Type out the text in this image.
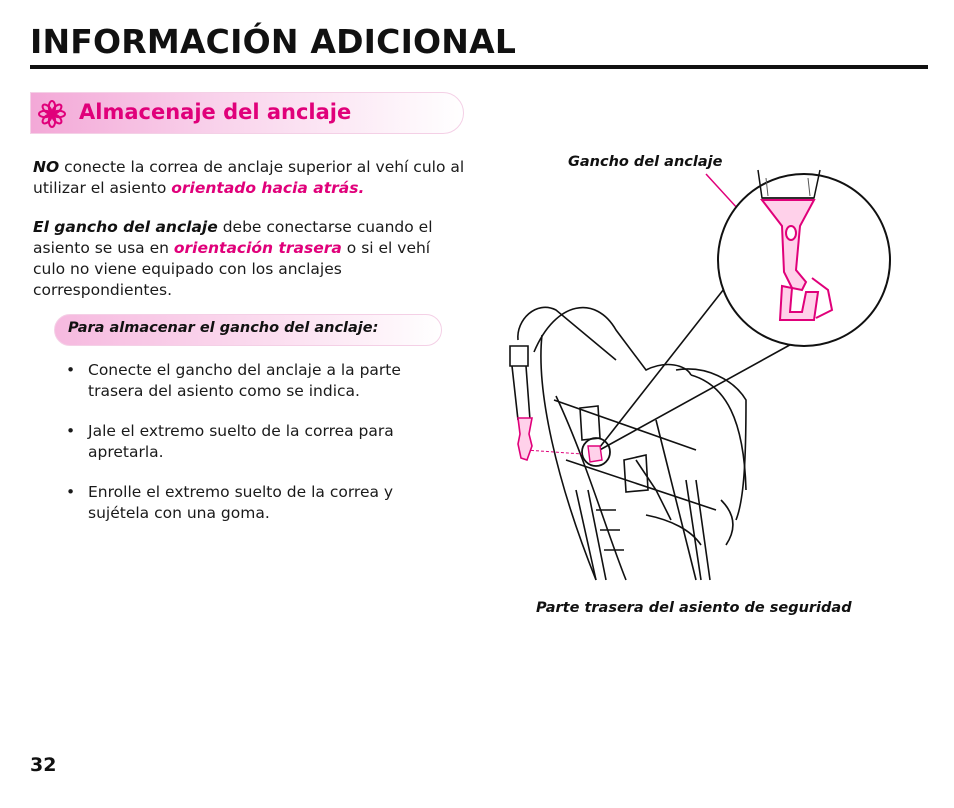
INFORMACIÓN ADICIONAL
Almacenaje del anclaje

NO conecte la correa de anclaje superior al vehí culo al utilizar el asiento orientado hacia atrás.

El gancho del anclaje debe conectarse cuando el asiento se usa en orientación trasera o si el vehí culo no viene equipado con los anclajes correspondientes.

Para almacenar el gancho del anclaje:
• Conecte el gancho del anclaje a la parte trasera del asiento como se indica.
• Jale el extremo suelto de la correa para apretarla.
• Enrolle el extremo suelto de la correa y sujétela con una goma.
Gancho del anclaje
Parte trasera del asiento de seguridad
32
